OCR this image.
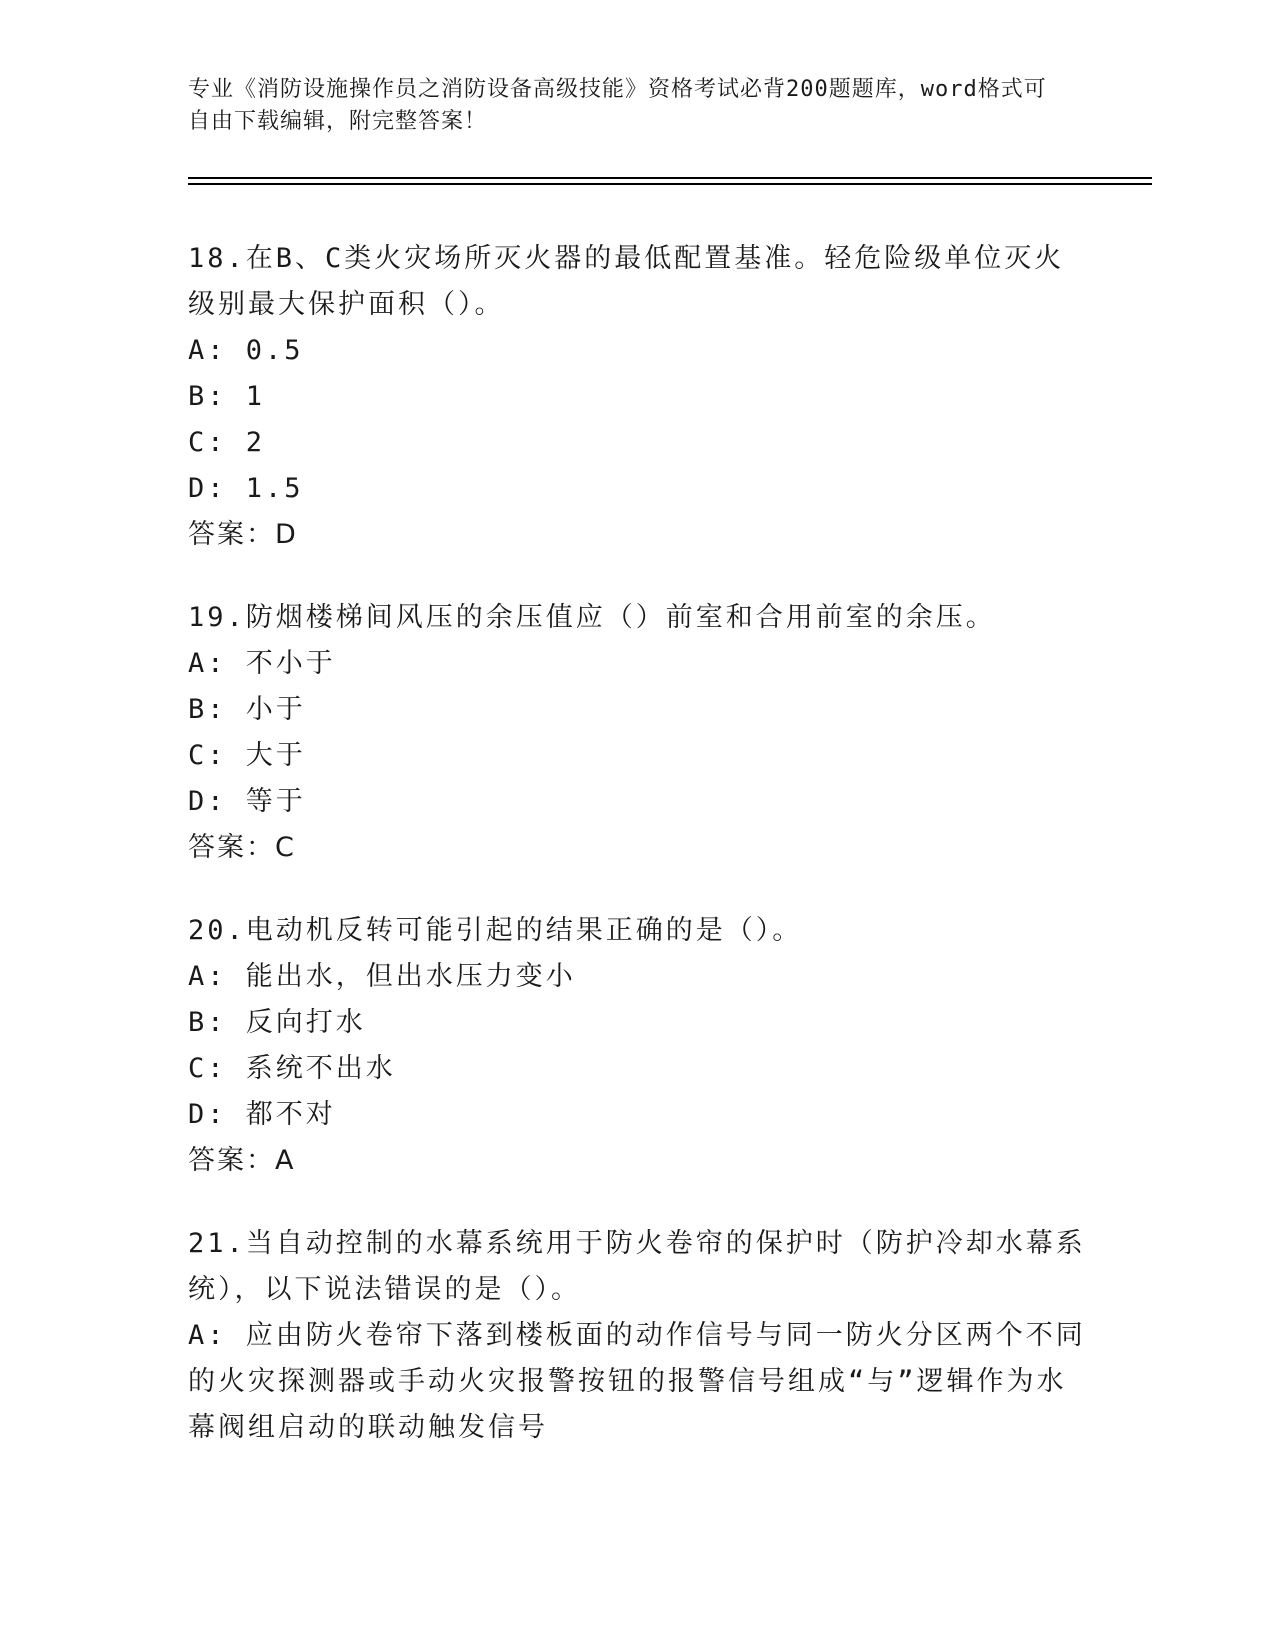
专业《消防设施操作员之消防设备高级技能》资格考试必背200题题库，word格式可自由下载编辑，附完整答案！
18.在B、C类火灾场所灭火器的最低配置基准。轻危险级单位灭火级别最大保护面积（）。
A: 0.5
B: 1
C: 2
D: 1.5
答案：D
19.防烟楼梯间风压的余压值应（）前室和合用前室的余压。
A: 不小于
B: 小于
C: 大于
D: 等于
答案：C
20.电动机反转可能引起的结果正确的是（）。
A: 能出水，但出水压力变小
B: 反向打水
C: 系统不出水
D: 都不对
答案：A
21.当自动控制的水幕系统用于防火卷帘的保护时（防护冷却水幕系统），以下说法错误的是（）。
A: 应由防火卷帘下落到楼板面的动作信号与同一防火分区两个不同的火灾探测器或手动火灾报警按钮的报警信号组成“与”逻辑作为水幕阀组启动的联动触发信号
